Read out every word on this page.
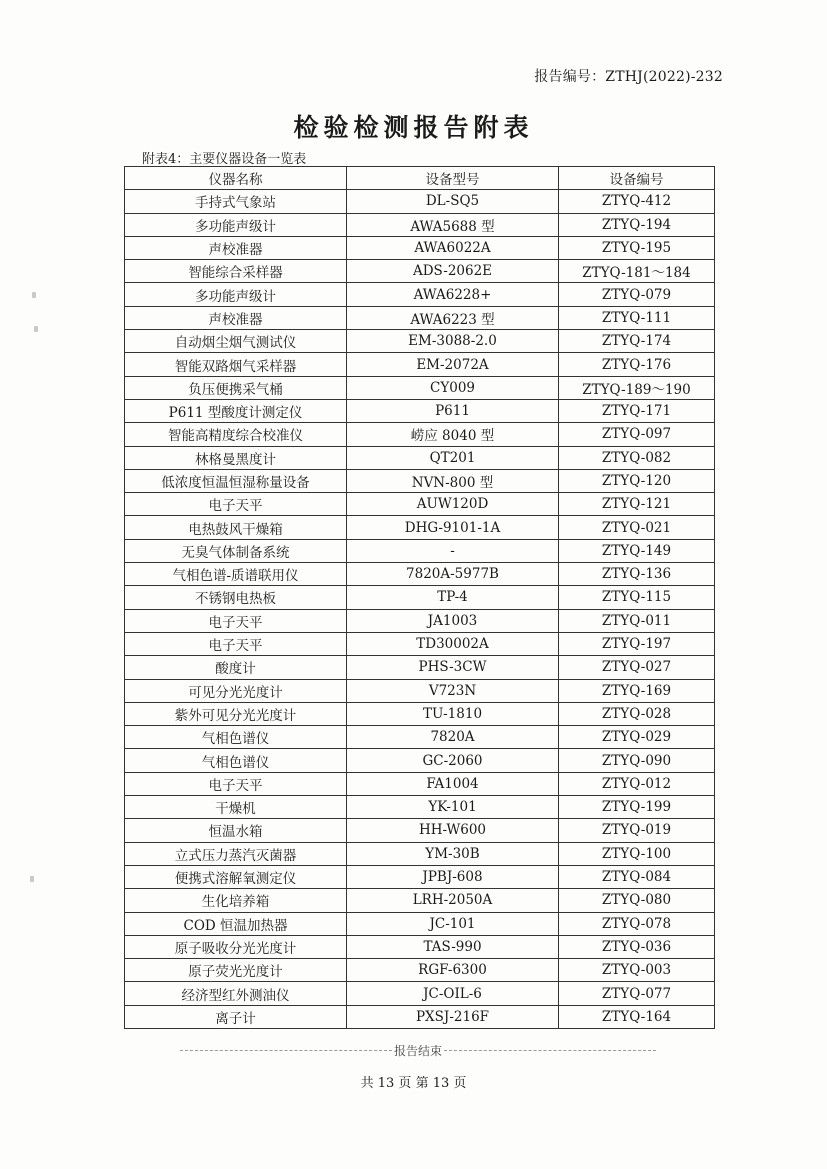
报告编号：ZTHJ(2022)-232
检验检测报告附表
附表4：主要仪器设备一览表
仪器名称	设备型号	设备编号
手持式气象站	DL-SQ5	ZTYQ-412
多功能声级计	AWA5688 型	ZTYQ-194
声校准器	AWA6022A	ZTYQ-195
智能综合采样器	ADS-2062E	ZTYQ-181～184
多功能声级计	AWA6228+	ZTYQ-079
声校准器	AWA6223 型	ZTYQ-111
自动烟尘烟气测试仪	EM-3088-2.0	ZTYQ-174
智能双路烟气采样器	EM-2072A	ZTYQ-176
负压便携采气桶	CY009	ZTYQ-189～190
P611 型酸度计测定仪	P611	ZTYQ-171
智能高精度综合校准仪	崂应 8040 型	ZTYQ-097
林格曼黑度计	QT201	ZTYQ-082
低浓度恒温恒湿称量设备	NVN-800 型	ZTYQ-120
电子天平	AUW120D	ZTYQ-121
电热鼓风干燥箱	DHG-9101-1A	ZTYQ-021
无臭气体制备系统	-	ZTYQ-149
气相色谱-质谱联用仪	7820A-5977B	ZTYQ-136
不锈钢电热板	TP-4	ZTYQ-115
电子天平	JA1003	ZTYQ-011
电子天平	TD30002A	ZTYQ-197
酸度计	PHS-3CW	ZTYQ-027
可见分光光度计	V723N	ZTYQ-169
紫外可见分光光度计	TU-1810	ZTYQ-028
气相色谱仪	7820A	ZTYQ-029
气相色谱仪	GC-2060	ZTYQ-090
电子天平	FA1004	ZTYQ-012
干燥机	YK-101	ZTYQ-199
恒温水箱	HH-W600	ZTYQ-019
立式压力蒸汽灭菌器	YM-30B	ZTYQ-100
便携式溶解氧测定仪	JPBJ-608	ZTYQ-084
生化培养箱	LRH-2050A	ZTYQ-080
COD 恒温加热器	JC-101	ZTYQ-078
原子吸收分光光度计	TAS-990	ZTYQ-036
原子荧光光度计	RGF-6300	ZTYQ-003
经济型红外测油仪	JC-OIL-6	ZTYQ-077
离子计	PXSJ-216F	ZTYQ-164
报告结束
共 13 页 第 13 页
